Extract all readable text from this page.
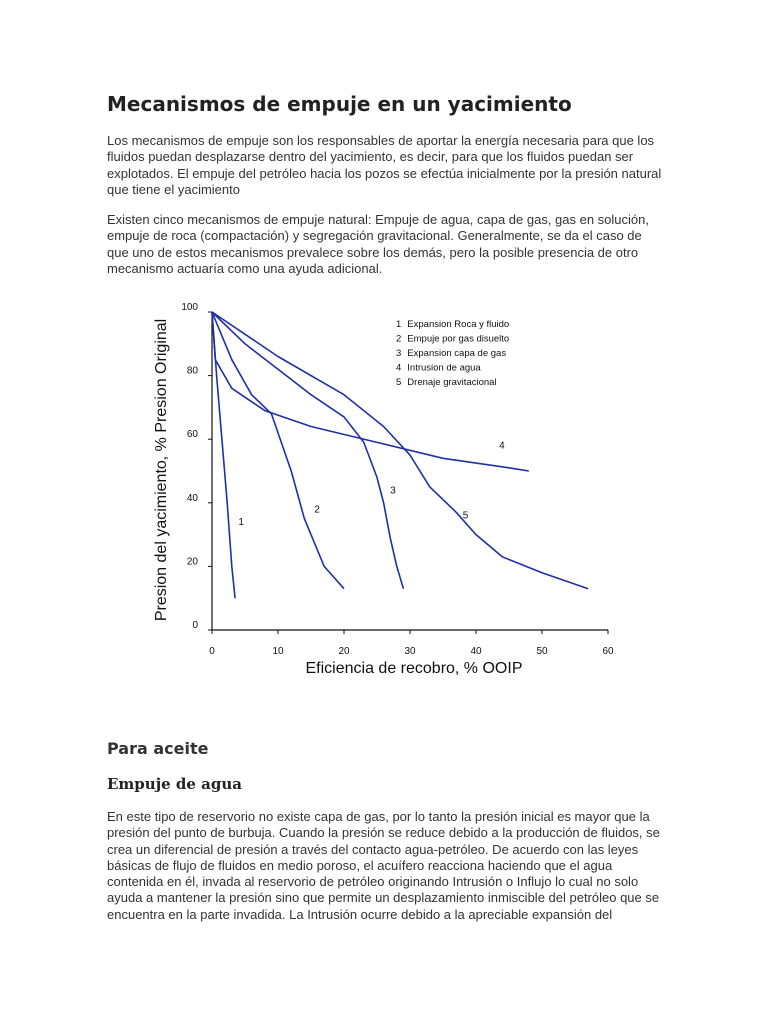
Mecanismos de empuje en un yacimiento

Los mecanismos de empuje son los responsables de aportar la energía necesaria para que los fluidos puedan desplazarse dentro del yacimiento, es decir, para que los fluidos puedan ser explotados. El empuje del petróleo hacia los pozos se efectúa inicialmente por la presión natural que tiene el yacimiento

Existen cinco mecanismos de empuje natural: Empuje de agua, capa de gas, gas en solución, empuje de roca (compactación) y segregación gravitacional. Generalmente, se da el caso de que uno de estos mecanismos prevalece sobre los demás, pero la posible presencia de otro mecanismo actuaría como una ayuda adicional.

Para aceite
Empuje de agua

En este tipo de reservorio no existe capa de gas, por lo tanto la presión inicial es mayor que la presión del punto de burbuja. Cuando la presión se reduce debido a la producción de fluidos, se crea un diferencial de presión a través del contacto agua-petróleo. De acuerdo con las leyes básicas de flujo de fluidos en medio poroso, el acuífero reacciona haciendo que el agua contenida en él, invada al reservorio de petróleo originando Intrusión o Influjo lo cual no solo ayuda a mantener la presión sino que permite un desplazamiento inmiscible del petróleo que se encuentra en la parte invadida. La Intrusión ocurre debido a la apreciable expansión del

0	10	20	30	40	50	60
0
20
40
60
80
100
1
2
3
4
5
1 Expansion Roca y fluido
2 Empuje por gas disuelto
3 Expansion capa de gas
4 Intrusion de agua
5 Drenaje gravitacional
Presion del yacimiento, % Presion Original
Eficiencia de recobro, % OOIP
